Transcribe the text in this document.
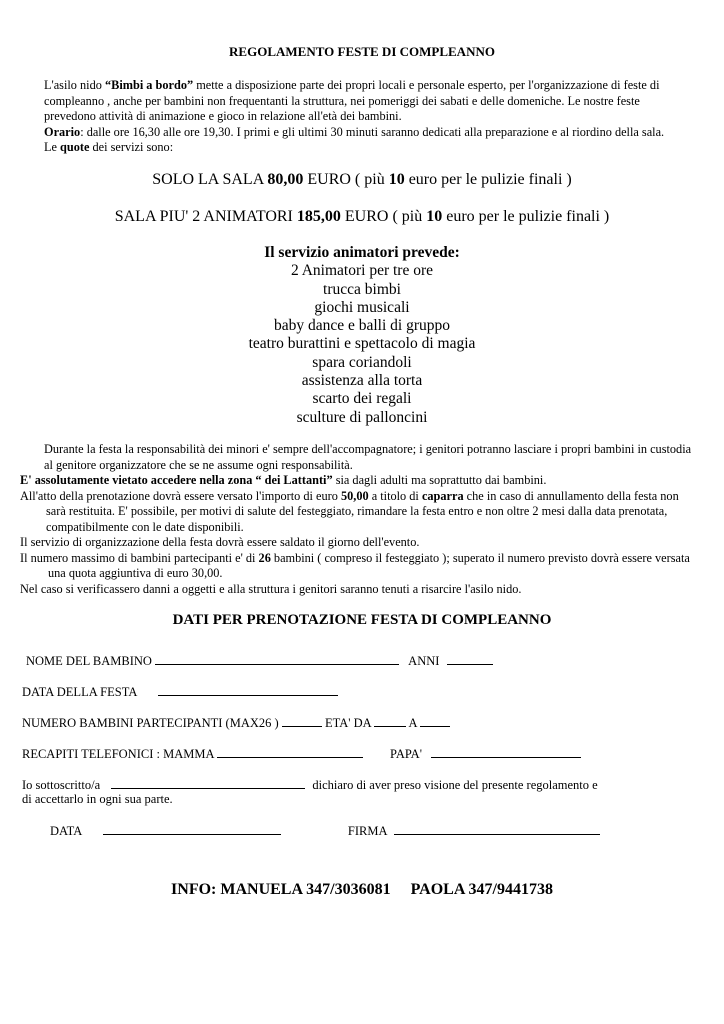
REGOLAMENTO FESTE DI COMPLEANNO

L'asilo nido “Bimbi a bordo” mette a disposizione parte dei propri locali e personale esperto, per l'organizzazione di feste di compleanno , anche per bambini non frequentanti la struttura, nei pomeriggi dei sabati e delle domeniche. Le nostre feste prevedono attività di animazione e gioco in relazione all'età dei bambini.

Orario: dalle ore 16,30 alle ore 19,30. I primi e gli ultimi 30 minuti saranno dedicati alla preparazione e al riordino della sala.

Le quote dei servizi sono:

SOLO LA SALA 80,00 EURO ( più 10 euro per le pulizie finali )
SALA PIU' 2 ANIMATORI 185,00 EURO ( più 10 euro per le pulizie finali )
Il servizio animatori prevede:
2 Animatori per tre ore
trucca bimbi
giochi musicali
baby dance e balli di gruppo
teatro burattini e spettacolo di magia
spara coriandoli
assistenza alla torta
scarto dei regali
sculture di palloncini

Durante la festa la responsabilità dei minori e' sempre dell'accompagnatore; i genitori potranno lasciare i propri bambini in custodia al genitore organizzatore che se ne assume ogni responsabilità.

E' assolutamente vietato accedere nella zona “ dei Lattanti” sia dagli adulti ma soprattutto dai bambini.

All'atto della prenotazione dovrà essere versato l'importo di euro 50,00 a titolo di caparra che in caso di annullamento della festa non sarà restituita. E' possibile, per motivi di salute del festeggiato, rimandare la festa entro e non oltre 2 mesi dalla data prenotata, compatibilmente con le date disponibili.

Il servizio di organizzazione della festa dovrà essere saldato il giorno dell'evento.

Il numero massimo di bambini partecipanti e' di 26 bambini ( compreso il festeggiato ); superato il numero previsto dovrà essere versata una quota aggiuntiva di euro 30,00.

Nel caso si verificassero danni a oggetti e alla struttura i genitori saranno tenuti a risarcire l'asilo nido.

DATI PER PRENOTAZIONE FESTA DI COMPLEANNO
NOME DEL BAMBINO	ANNI
DATA DELLA FESTA
NUMERO BAMBINI PARTECIPANTI (MAX26 )	ETA' DA	A
RECAPITI TELEFONICI : MAMMA	PAPA'
Io sottoscritto/a	dichiaro di aver preso visione del presente regolamento e
di accettarlo in ogni sua parte.
DATA	FIRMA
INFO: MANUELA 347/3036081 PAOLA 347/9441738
